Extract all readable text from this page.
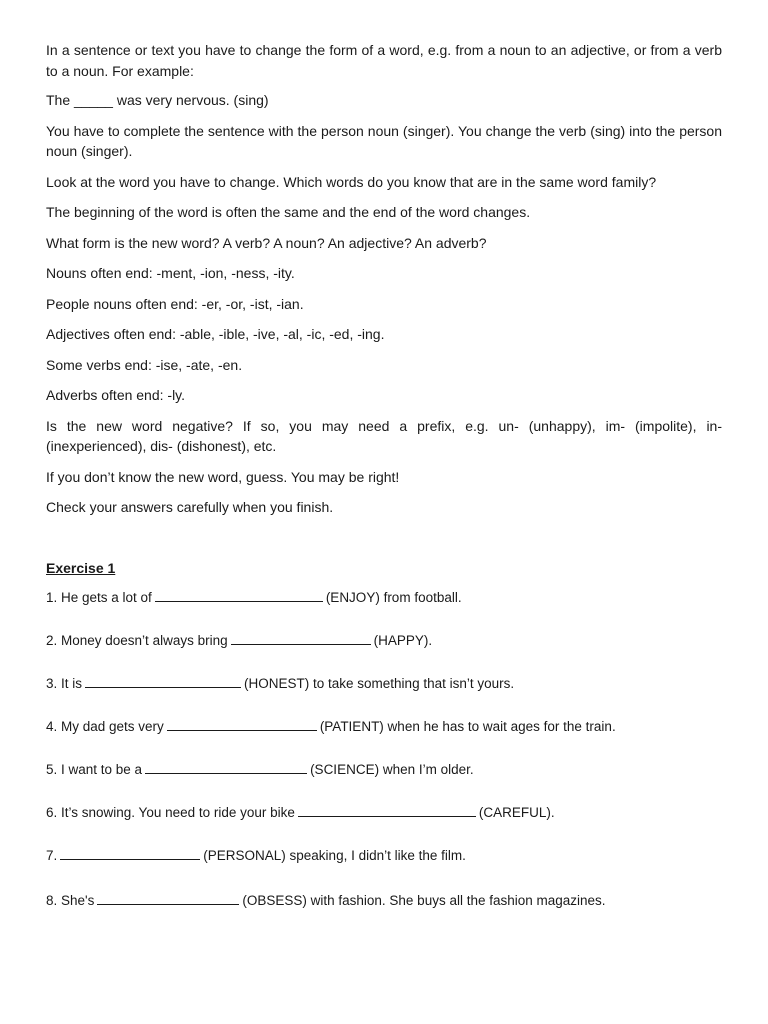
In a sentence or text you have to change the form of a word, e.g. from a noun to an adjective, or from a verb to a noun. For example:

The _____ was very nervous. (sing)

You have to complete the sentence with the person noun (singer). You change the verb (sing) into the person noun (singer).

Look at the word you have to change. Which words do you know that are in the same word family?

The beginning of the word is often the same and the end of the word changes.

What form is the new word? A verb? A noun? An adjective? An adverb?

Nouns often end: -ment, -ion, -ness, -ity.

People nouns often end: -er, -or, -ist, -ian.

Adjectives often end: -able, -ible, -ive, -al, -ic, -ed, -ing.

Some verbs end: -ise, -ate, -en.

Adverbs often end: -ly.

Is the new word negative? If so, you may need a prefix, e.g. un- (unhappy), im- (impolite), in- (inexperienced), dis- (dishonest), etc.

If you don’t know the new word, guess. You may be right!

Check your answers carefully when you finish.

Exercise 1
1. He gets a lot of	(ENJOY) from football.
2. Money doesn’t always bring	(HAPPY).
3. It is	(HONEST) to take something that isn’t yours.
4. My dad gets very	(PATIENT) when he has to wait ages for the train.
5. I want to be a	(SCIENCE) when I’m older.
6. It’s snowing. You need to ride your bike	(CAREFUL).
7.	(PERSONAL) speaking, I didn’t like the film.
8. She's	(OBSESS) with fashion. She buys all the fashion magazines.
